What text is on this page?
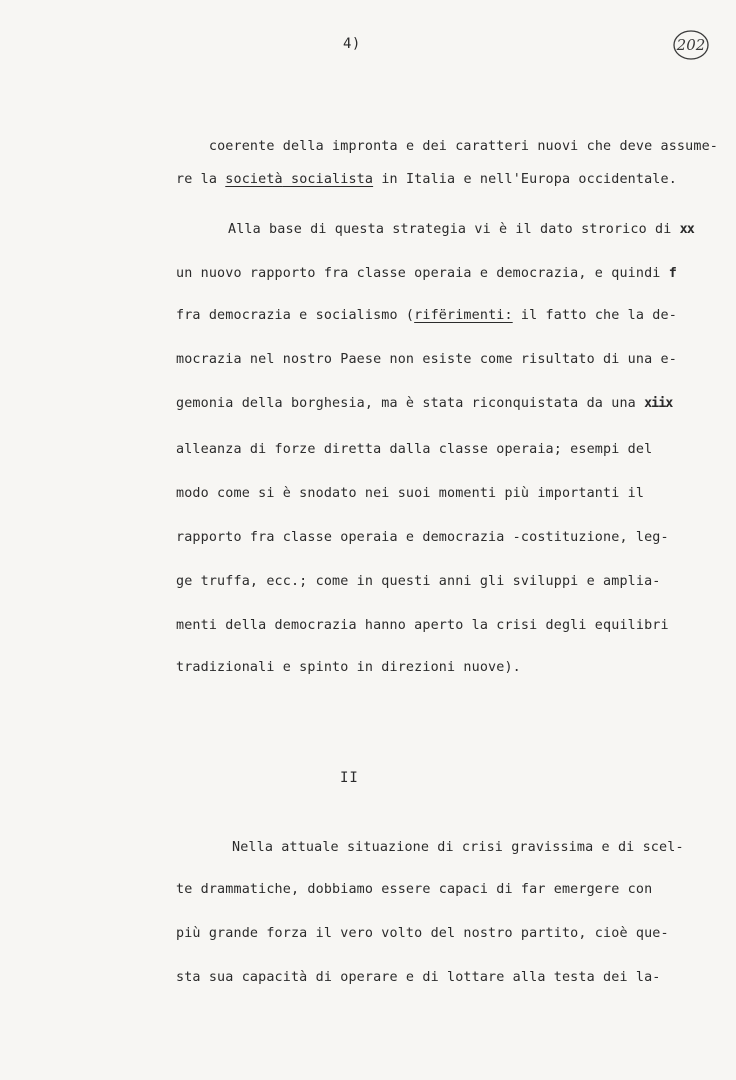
4)	202

coerente della impronta e dei caratteri nuovi che deve assume-

re la società socialista in Italia e nell'Europa occidentale.
Alla base di questa strategia vi è il dato strorico di xx
un nuovo rapporto fra classe operaia e democrazia, e quindi f
fra democrazia e socialismo (rifërimenti: il fatto che la de-
mocrazia nel nostro Paese non esiste come risultato di una e-
gemonia della borghesia, ma è stata riconquistata da una xiix
alleanza di forze diretta dalla classe operaia; esempi del
modo come si è snodato nei suoi momenti più importanti il
rapporto fra classe operaia e democrazia -costituzione, leg-
ge truffa, ecc.; come in questi anni gli sviluppi e amplia-
menti della democrazia hanno aperto la crisi degli equilibri
tradizionali e spinto in direzioni nuove).
II
Nella attuale situazione di crisi gravissima e di scel-
te drammatiche, dobbiamo essere capaci di far emergere con
più grande forza il vero volto del nostro partito, cioè que-
sta sua capacità di operare e di lottare alla testa dei la-
